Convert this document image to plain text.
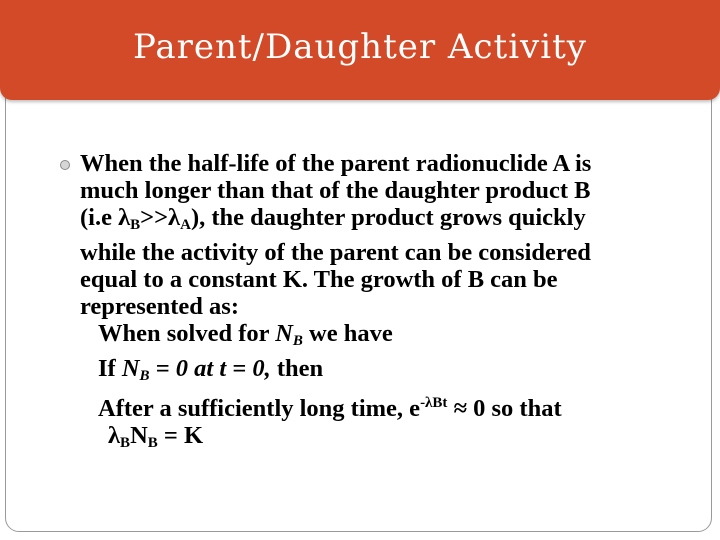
Parent/Daughter Activity
When the half-life of the parent radionuclide A is
much longer than that of the daughter product B
(i.e $\lambda_B>>\lambda_A$), the daughter product grows quickly
while the activity of the parent can be considered
equal to a constant K. The growth of B can be
represented as:
When solved for $N_B$ we have
If NB = 0 at t = 0, then
After a sufficiently long time, $e^{-\lambda Bt} \approx 0$ so that
λBNB = K
